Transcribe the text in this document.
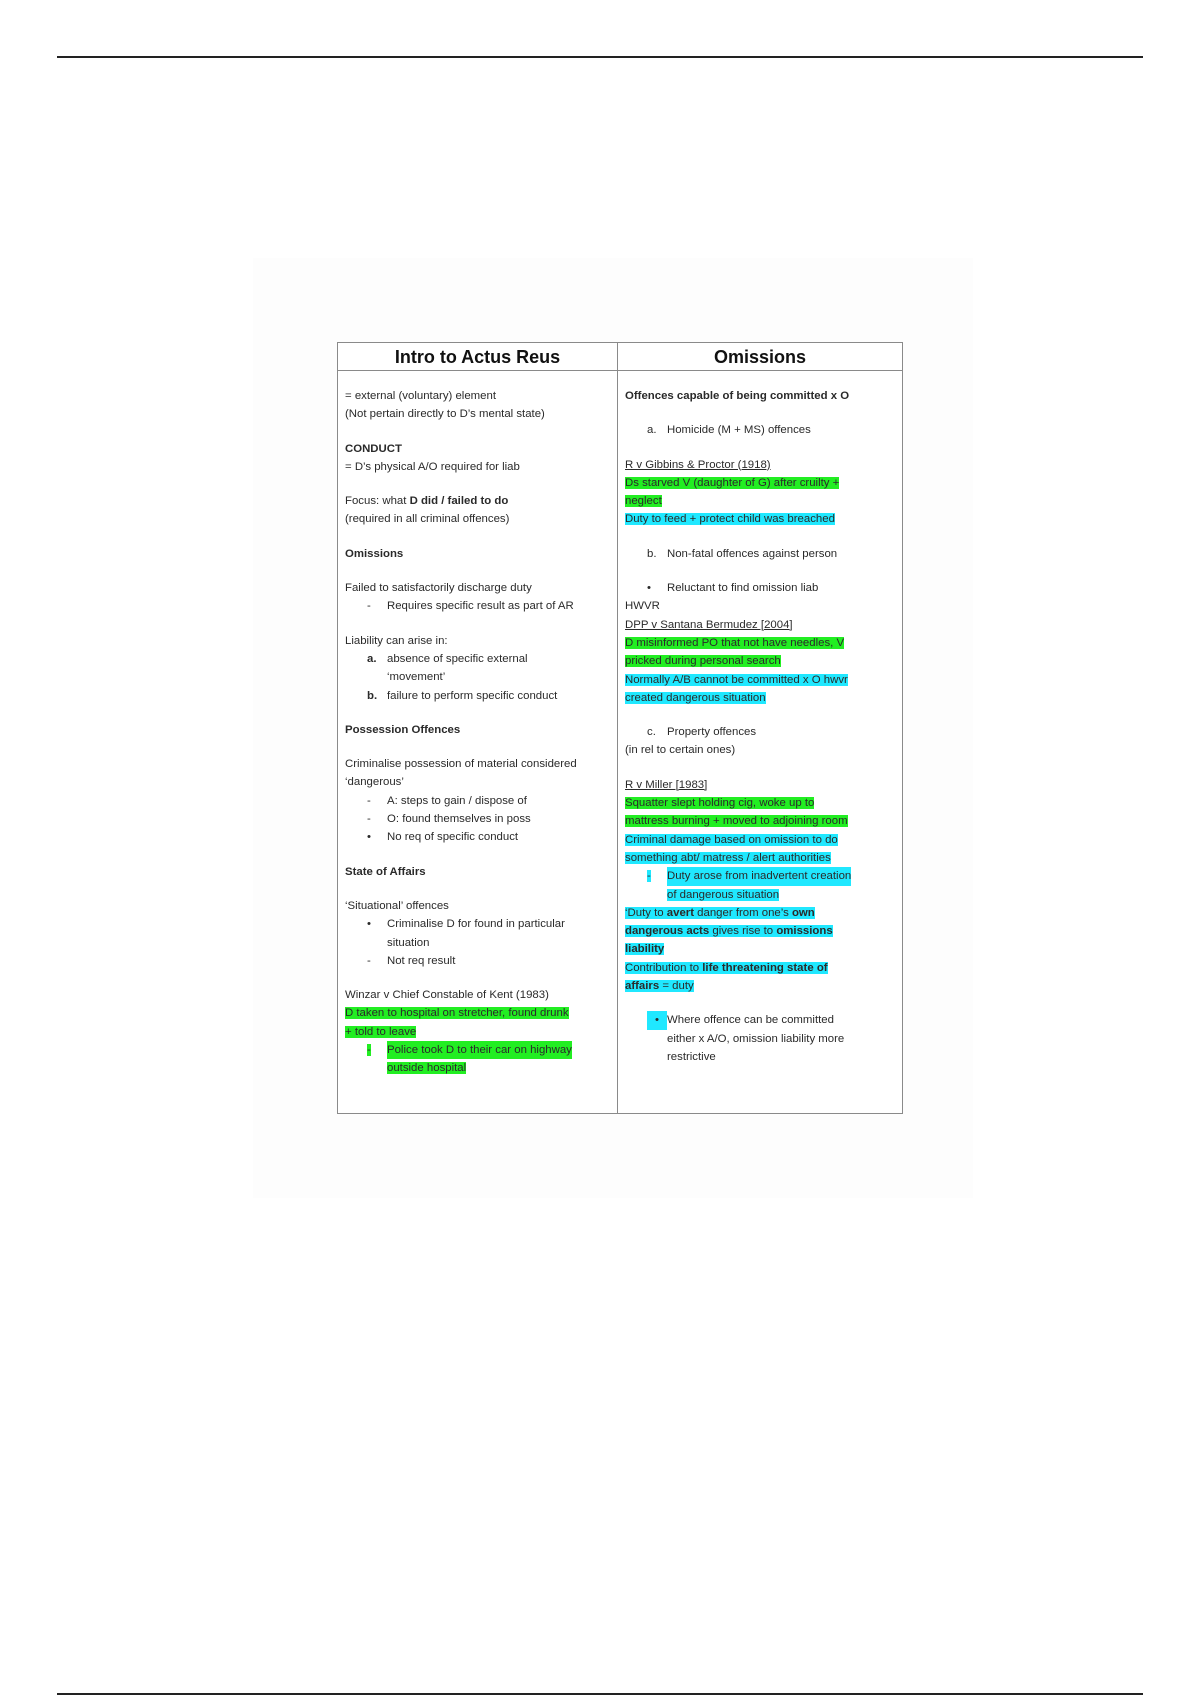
Intro to Actus Reus	Omissions
= external (voluntary) element
(Not pertain directly to D’s mental state)
CONDUCT
= D’s physical A/O required for liab
Focus: what D did / failed to do
(required in all criminal offences)
Omissions
Failed to satisfactorily discharge duty
-	Requires specific result as part of AR
Liability can arise in:
a. absence of specific external
‘movement’
b. failure to perform specific conduct
Possession Offences
Criminalise possession of material considered
‘dangerous’
-	A: steps to gain / dispose of
-	O: found themselves in poss
•	No req of specific conduct
State of Affairs
‘Situational’ offences
•	Criminalise D for found in particular
situation
-	Not req result
Winzar v Chief Constable of Kent (1983)
D taken to hospital on stretcher, found drunk
+ told to leave
-	Police took D to their car on highway
outside hospital
Offences capable of being committed x O
a. Homicide (M + MS) offences
R v Gibbins & Proctor (1918)
Ds starved V (daughter of G) after cruilty +
neglect
Duty to feed + protect child was breached
b. Non-fatal offences against person
•	Reluctant to find omission liab
HWVR
DPP v Santana Bermudez [2004]
D misinformed PO that not have needles, V
pricked during personal search
Normally A/B cannot be committed x O hwvr
created dangerous situation
c. Property offences
(in rel to certain ones)
R v Miller [1983]
Squatter slept holding cig, woke up to
mattress burning + moved to adjoining room
Criminal damage based on omission to do
something abt/ matress / alert authorities
-	Duty arose from inadvertent creation
of dangerous situation
‘Duty to avert danger from one’s own
dangerous acts gives rise to omissions
liability
Contribution to life threatening state of
affairs = duty
• Where offence can be committed
either x A/O, omission liability more
restrictive
